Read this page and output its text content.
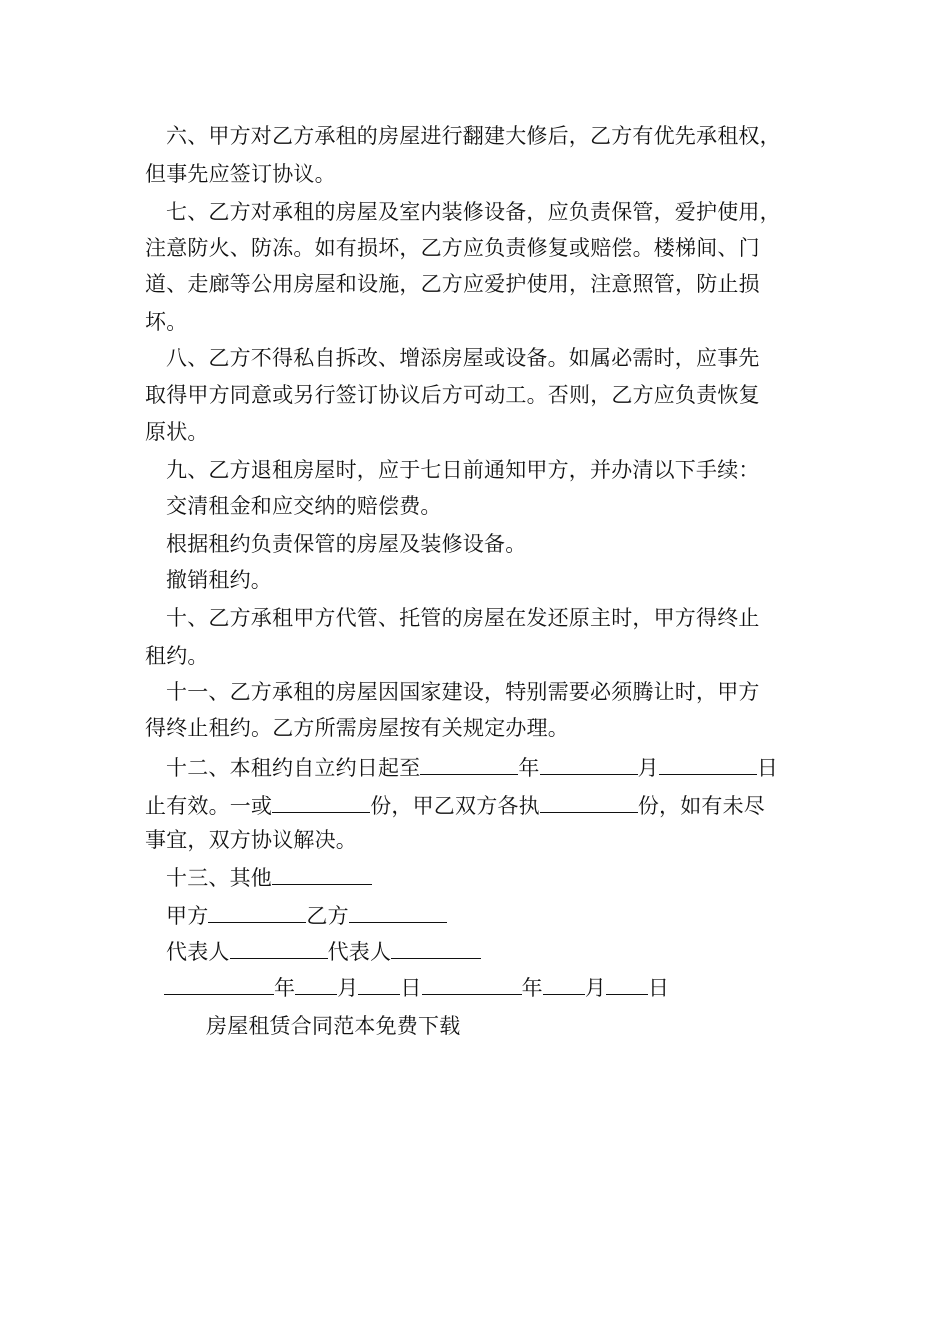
六、甲方对乙方承租的房屋进行翻建大修后，乙方有优先承租权，
但事先应签订协议。
七、乙方对承租的房屋及室内装修设备，应负责保管，爱护使用，
注意防火、防冻。如有损坏，乙方应负责修复或赔偿。楼梯间、门
道、走廊等公用房屋和设施，乙方应爱护使用，注意照管，防止损
坏。
八、乙方不得私自拆改、增添房屋或设备。如属必需时，应事先
取得甲方同意或另行签订协议后方可动工。否则，乙方应负责恢复
原状。
九、乙方退租房屋时，应于七日前通知甲方，并办清以下手续：
交清租金和应交纳的赔偿费。
根据租约负责保管的房屋及装修设备。
撤销租约。
十、乙方承租甲方代管、托管的房屋在发还原主时，甲方得终止
租约。
十一、乙方承租的房屋因国家建设，特别需要必须腾让时，甲方
得终止租约。乙方所需房屋按有关规定办理。
十二、本租约自立约日起至	年	月	日
止有效。一或	份，甲乙双方各执	份，如有未尽
事宜，双方协议解决。
十三、其他
甲方	乙方
代表人	代表人
年 月 日	年 月 日
房屋租赁合同范本免费下载
